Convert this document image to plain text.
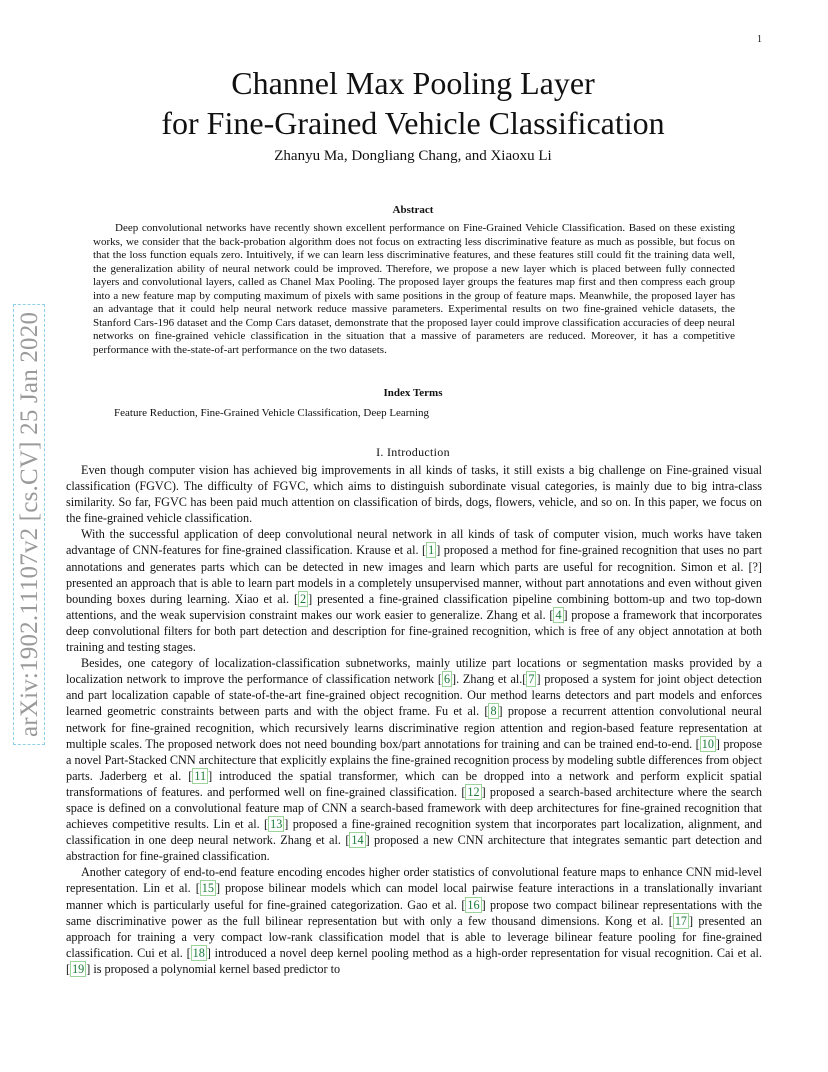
1
arXiv:1902.11107v2 [cs.CV] 25 Jan 2020
Channel Max Pooling Layer
for Fine-Grained Vehicle Classification
Zhanyu Ma, Dongliang Chang, and Xiaoxu Li
Abstract

Deep convolutional networks have recently shown excellent performance on Fine-Grained Vehicle Classification. Based on these existing works, we consider that the back-probation algorithm does not focus on extracting less discriminative feature as much as possible, but focus on that the loss function equals zero. Intuitively, if we can learn less discriminative features, and these features still could fit the training data well, the generalization ability of neural network could be improved. Therefore, we propose a new layer which is placed between fully connected layers and convolutional layers, called as Chanel Max Pooling. The proposed layer groups the features map first and then compress each group into a new feature map by computing maximum of pixels with same positions in the group of feature maps. Meanwhile, the proposed layer has an advantage that it could help neural network reduce massive parameters. Experimental results on two fine-grained vehicle datasets, the Stanford Cars-196 dataset and the Comp Cars dataset, demonstrate that the proposed layer could improve classification accuracies of deep neural networks on fine-grained vehicle classification in the situation that a massive of parameters are reduced. Moreover, it has a competitive performance with the-state-of-art performance on the two datasets.

Index Terms

Feature Reduction, Fine-Grained Vehicle Classification, Deep Learning

I. Introduction

Even though computer vision has achieved big improvements in all kinds of tasks, it still exists a big challenge on Fine-grained visual classification (FGVC). The difficulty of FGVC, which aims to distinguish subordinate visual categories, is mainly due to big intra-class similarity. So far, FGVC has been paid much attention on classification of birds, dogs, flowers, vehicle, and so on. In this paper, we focus on the fine-grained vehicle classification.

With the successful application of deep convolutional neural network in all kinds of task of computer vision, much works have taken advantage of CNN-features for fine-grained classification. Krause et al. [ 1 ] proposed a method for fine-grained recognition that uses no part annotations and generates parts which can be detected in new images and learn which parts are useful for recognition. Simon et al. [?] presented an approach that is able to learn part models in a completely unsupervised manner, without part annotations and even without given bounding boxes during learning. Xiao et al. [ 2 ] presented a fine-grained classification pipeline combining bottom-up and two top-down attentions, and the weak supervision constraint makes our work easier to generalize. Zhang et al. [ 4 ] propose a framework that incorporates deep convolutional filters for both part detection and description for fine-grained recognition, which is free of any object annotation at both training and testing stages.

Besides, one category of localization-classification subnetworks, mainly utilize part locations or segmentation masks provided by a localization network to improve the performance of classification network [ 6 ]. Zhang et al.[ 7 ] proposed a system for joint object detection and part localization capable of state-of-the-art fine-grained object recognition. Our method learns detectors and part models and enforces learned geometric constraints between parts and with the object frame. Fu et al. [ 8 ] propose a recurrent attention convolutional neural network for fine-grained recognition, which recursively learns discriminative region attention and region-based feature representation at multiple scales. The proposed network does not need bounding box/part annotations for training and can be trained end-to-end. [ 10 ] propose a novel Part-Stacked CNN architecture that explicitly explains the fine-grained recognition process by modeling subtle differences from object parts. Jaderberg et al. [ 11 ] introduced the spatial transformer, which can be dropped into a network and perform explicit spatial transformations of features. and performed well on fine-grained classification. [ 12 ] proposed a search-based architecture where the search space is defined on a convolutional feature map of CNN a search-based framework with deep architectures for fine-grained recognition that achieves competitive results. Lin et al. [ 13 ] proposed a fine-grained recognition system that incorporates part localization, alignment, and classification in one deep neural network. Zhang et al. [ 14 ] proposed a new CNN architecture that integrates semantic part detection and abstraction for fine-grained classification.

Another category of end-to-end feature encoding encodes higher order statistics of convolutional feature maps to enhance CNN mid-level representation. Lin et al. [ 15 ] propose bilinear models which can model local pairwise feature interactions in a translationally invariant manner which is particularly useful for fine-grained categorization. Gao et al. [ 16 ] propose two compact bilinear representations with the same discriminative power as the full bilinear representation but with only a few thousand dimensions. Kong et al. [ 17 ] presented an approach for training a very compact low-rank classification model that is able to leverage bilinear feature pooling for fine-grained classification. Cui et al. [ 18 ] introduced a novel deep kernel pooling method as a high-order representation for visual recognition. Cai et al. [ 19 ] is proposed a polynomial kernel based predictor to
